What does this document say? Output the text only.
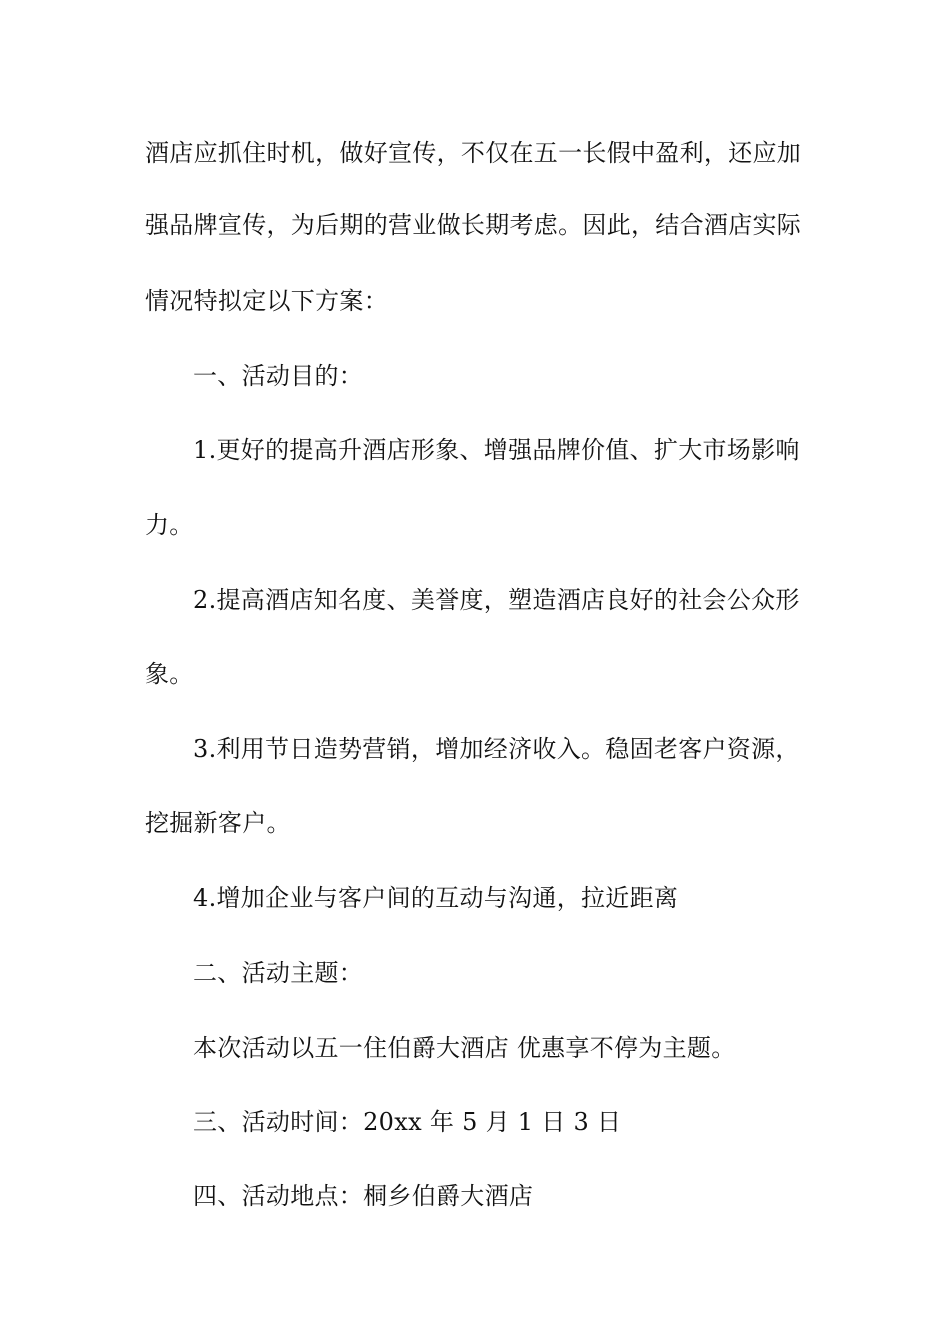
酒店应抓住时机，做好宣传，不仅在五一长假中盈利，还应加
强品牌宣传，为后期的营业做长期考虑。因此，结合酒店实际
情况特拟定以下方案：
一、活动目的：
1.更好的提高升酒店形象、增强品牌价值、扩大市场影响
力。
2.提高酒店知名度、美誉度，塑造酒店良好的社会公众形
象。
3.利用节日造势营销，增加经济收入。稳固老客户资源，
挖掘新客户。
4.增加企业与客户间的互动与沟通，拉近距离
二、活动主题：
本次活动以五一住伯爵大酒店 优惠享不停为主题。
三、活动时间：20xx 年 5 月 1 日 3 日
四、活动地点：桐乡伯爵大酒店
